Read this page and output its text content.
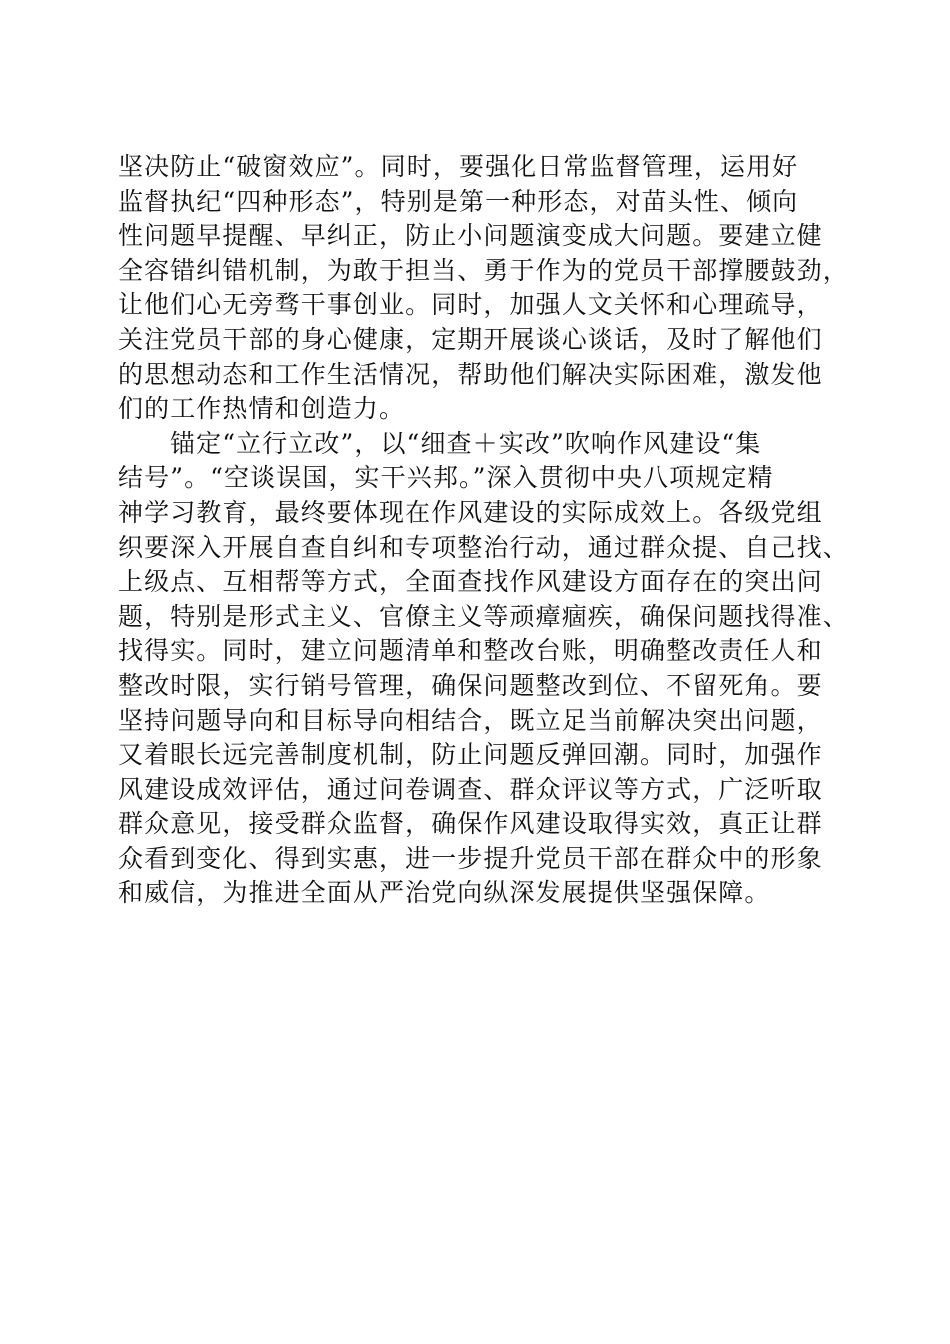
坚决防止“破窗效应”。同时，要强化日常监督管理，运用好
监督执纪“四种形态”，特别是第一种形态，对苗头性、倾向
性问题早提醒、早纠正，防止小问题演变成大问题。要建立健
全容错纠错机制，为敢于担当、勇于作为的党员干部撑腰鼓劲，
让他们心无旁骛干事创业。同时，加强人文关怀和心理疏导，
关注党员干部的身心健康，定期开展谈心谈话，及时了解他们
的思想动态和工作生活情况，帮助他们解决实际困难，激发他
们的工作热情和创造力。

锚定“立行立改”，以“细查＋实改”吹响作风建设“集
结号”。“空谈误国，实干兴邦。”深入贯彻中央八项规定精
神学习教育，最终要体现在作风建设的实际成效上。各级党组
织要深入开展自查自纠和专项整治行动，通过群众提、自己找、
上级点、互相帮等方式，全面查找作风建设方面存在的突出问
题，特别是形式主义、官僚主义等顽瘴痼疾，确保问题找得准、
找得实。同时，建立问题清单和整改台账，明确整改责任人和
整改时限，实行销号管理，确保问题整改到位、不留死角。要
坚持问题导向和目标导向相结合，既立足当前解决突出问题，
又着眼长远完善制度机制，防止问题反弹回潮。同时，加强作
风建设成效评估，通过问卷调查、群众评议等方式，广泛听取
群众意见，接受群众监督，确保作风建设取得实效，真正让群
众看到变化、得到实惠，进一步提升党员干部在群众中的形象
和威信，为推进全面从严治党向纵深发展提供坚强保障。
